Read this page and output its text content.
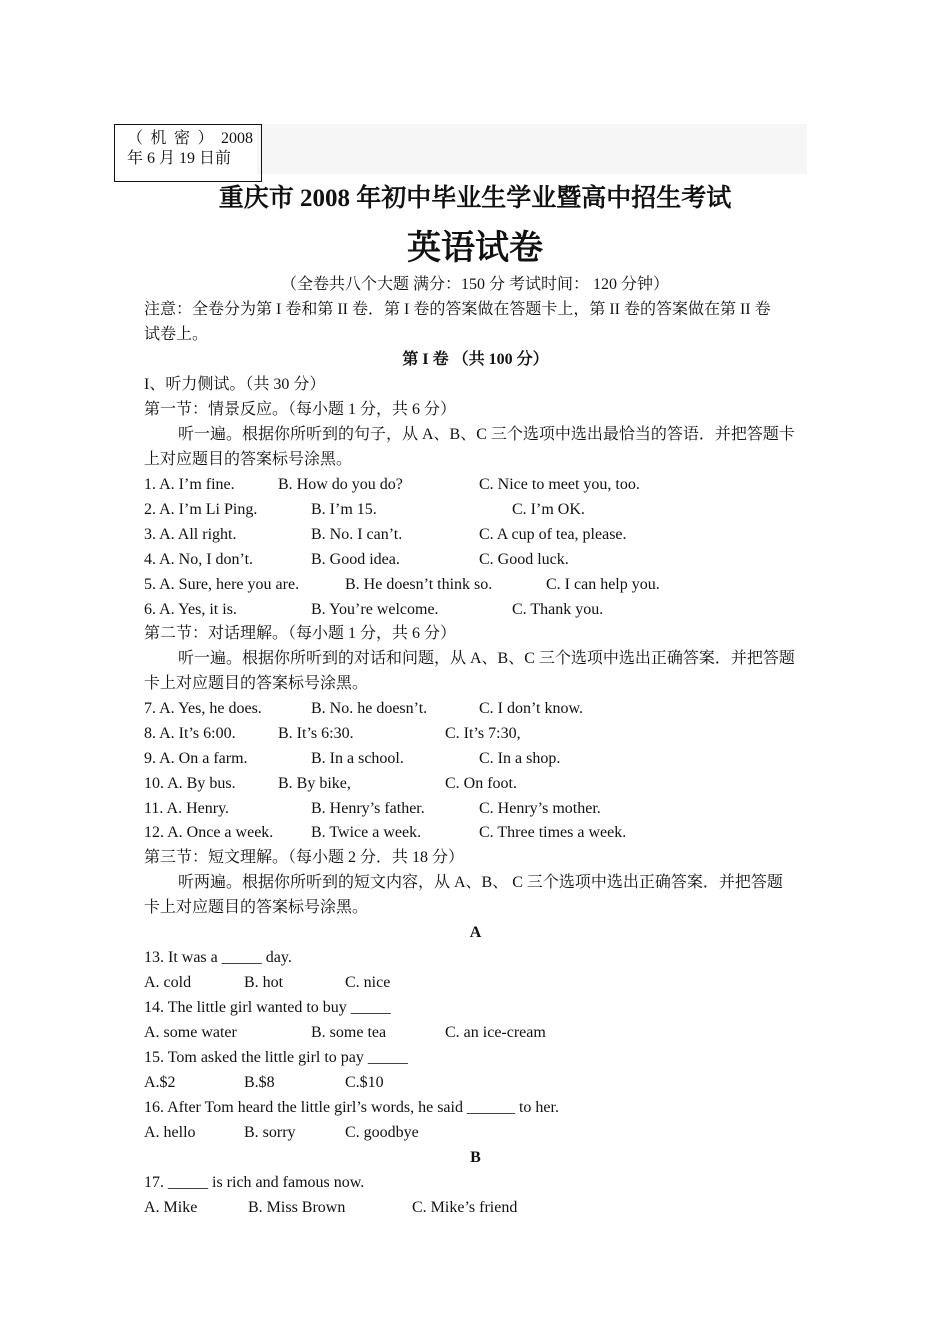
（ 机 密 ） 2008 年 6 月 19 日前
重庆市 2008 年初中毕业生学业暨高中招生考试
英语试卷
（全卷共八个大题 满分：150 分 考试时间： 120 分钟）
注意：全卷分为第 I 卷和第 II 卷．第 I 卷的答案做在答题卡上，第 II 卷的答案做在第 II 卷
试卷上。
第 I 卷 （共 100 分）
I、听力侧试。（共 30 分）
第一节：情景反应。（每小题 1 分，共 6 分）
听一遍。根据你所听到的句子，从 A、B、C 三个选项中选出最恰当的答语．并把答题卡
上对应题目的答案标号涂黑。
1. A. I’m fine.	B. How do you do?	C. Nice to meet you, too.
2. A. I’m Li Ping.	B. I’m 15.	C. I’m OK.
3. A. All right.	B. No. I can’t.	C. A cup of tea, please.
4. A. No, I don’t.	B. Good idea.	C. Good luck.
5. A. Sure, here you are.	B. He doesn’t think so.	C. I can help you.
6. A. Yes, it is.	B. You’re welcome.	C. Thank you.
第二节：对话理解。（每小题 1 分，共 6 分）
听一遍。根据你所听到的对话和问题，从 A、B、C 三个选项中选出正确答案．并把答题
卡上对应题目的答案标号涂黑。
7. A. Yes, he does.	B. No. he doesn’t.	C. I don’t know.
8. A. It’s 6:00.	B. It’s 6:30.	C. It’s 7:30,
9. A. On a farm.	B. In a school.	C. In a shop.
10. A. By bus.	B. By bike,	C. On foot.
11. A. Henry.	B. Henry’s father.	C. Henry’s mother.
12. A. Once a week. B. Twice a week.	C. Three times a week.
第三节：短文理解。（每小题 2 分．共 18 分）
听两遍。根据你所听到的短文内容，从 A、B、 C 三个选项中选出正确答案．并把答题
卡上对应题目的答案标号涂黑。
A
13. It was a _____ day.
A. cold	B. hot	C. nice
14. The little girl wanted to buy _____
A. some water	B. some tea	C. an ice-cream
15. Tom asked the little girl to pay _____
A.$2	B.$8	C.$10
16. After Tom heard the little girl’s words, he said ______ to her.
A. hello	B. sorry	C. goodbye
B
17. _____ is rich and famous now.
A. Mike	B. Miss Brown	C. Mike’s friend
